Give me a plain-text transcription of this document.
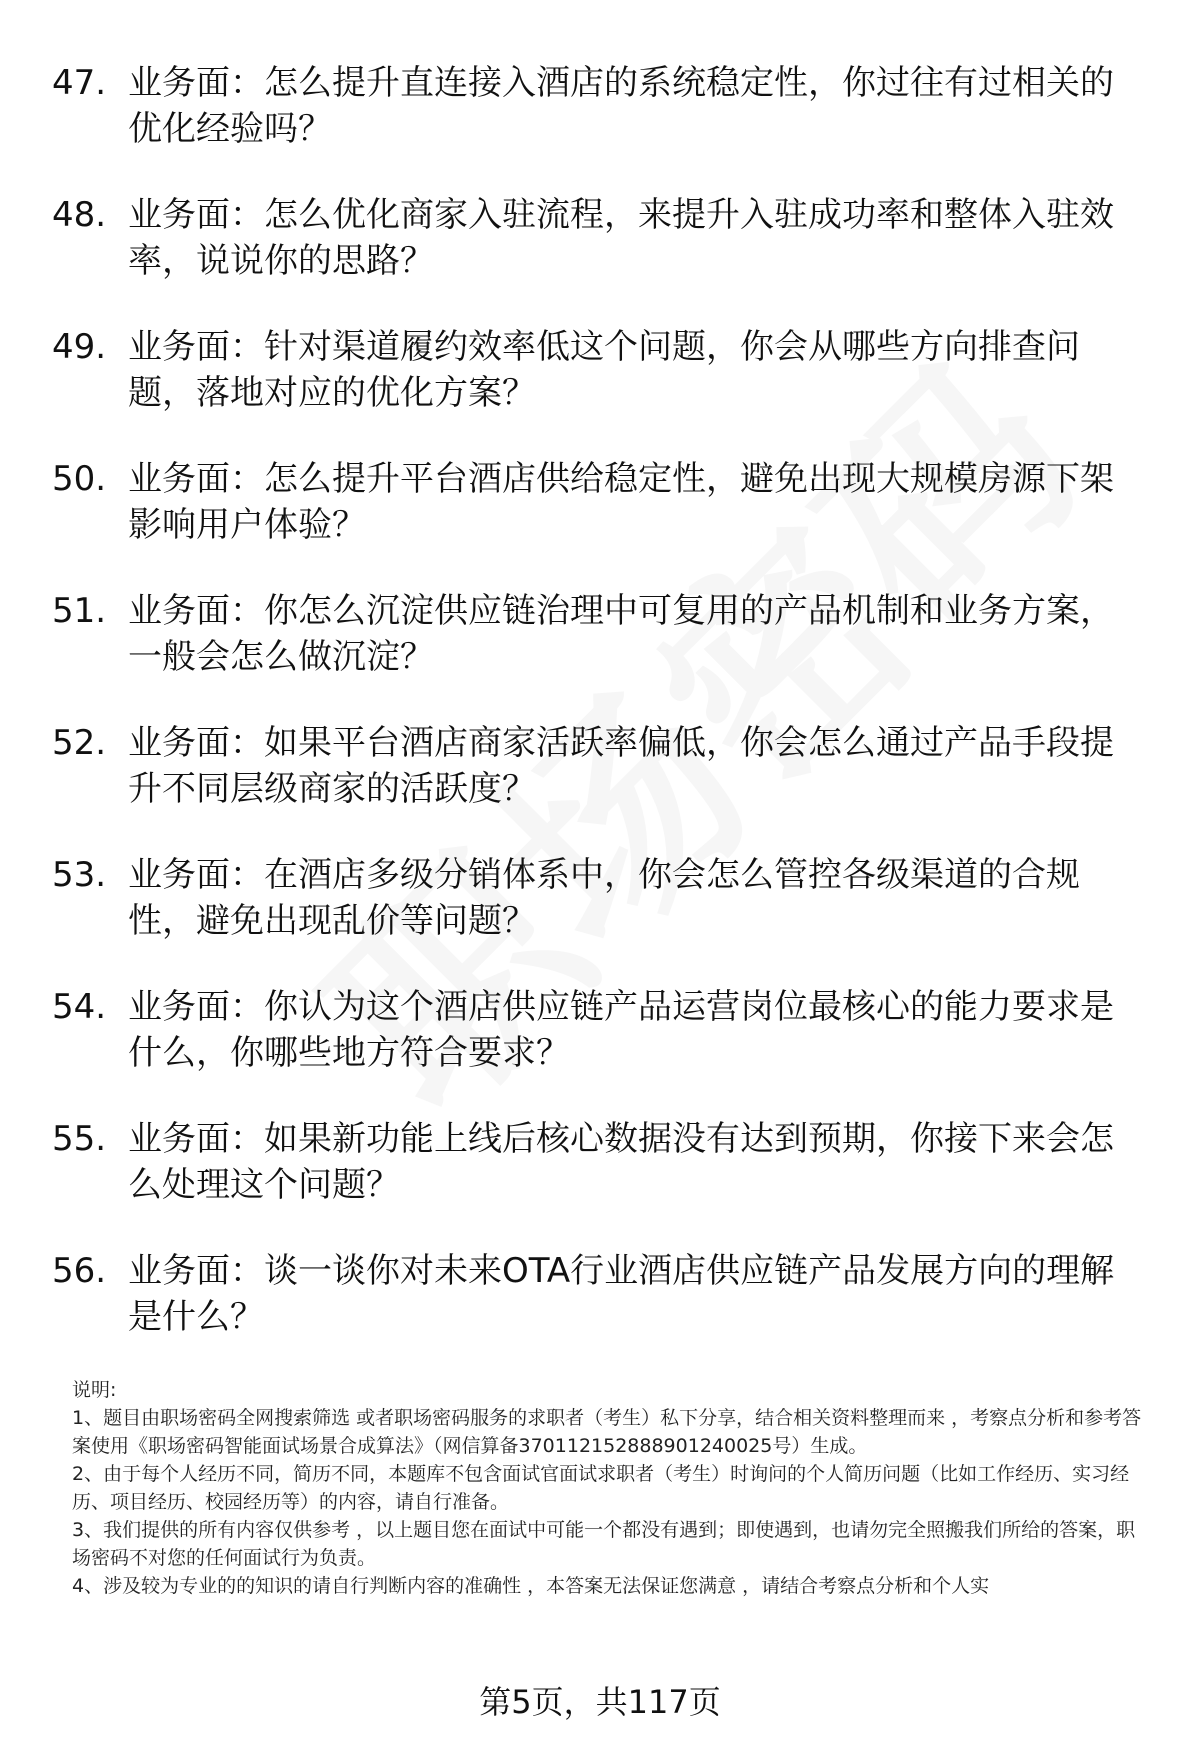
47. 业务面：怎么提升直连接入酒店的系统稳定性，你过往有过相关的优化经验吗？
48. 业务面：怎么优化商家入驻流程，来提升入驻成功率和整体入驻效率，说说你的思路？
49. 业务面：针对渠道履约效率低这个问题，你会从哪些方向排查问题，落地对应的优化方案？
50. 业务面：怎么提升平台酒店供给稳定性，避免出现大规模房源下架影响用户体验？
51. 业务面：你怎么沉淀供应链治理中可复用的产品机制和业务方案，一般会怎么做沉淀？
52. 业务面：如果平台酒店商家活跃率偏低，你会怎么通过产品手段提升不同层级商家的活跃度？
53. 业务面：在酒店多级分销体系中，你会怎么管控各级渠道的合规性，避免出现乱价等问题？
54. 业务面：你认为这个酒店供应链产品运营岗位最核心的能力要求是什么，你哪些地方符合要求？
55. 业务面：如果新功能上线后核心数据没有达到预期，你接下来会怎么处理这个问题？
56. 业务面：谈一谈你对未来OTA行业酒店供应链产品发展方向的理解是什么？

说明:

1、题目由职场密码全网搜索筛选 或者职场密码服务的求职者（考生）私下分享，结合相关资料整理而来 ，考察点分析和参考答案使用《职场密码智能面试场景合成算法》（网信算备370112152888901240025号）生成。

2、由于每个人经历不同，简历不同，本题库不包含面试官面试求职者（考生）时询问的个人简历问题（比如工作经历、实习经历、项目经历、校园经历等）的内容，请自行准备。

3、我们提供的所有内容仅供参考 ，以上题目您在面试中可能一个都没有遇到；即使遇到，也请勿完全照搬我们所给的答案，职场密码不对您的任何面试行为负责。

4、涉及较为专业的的知识的请自行判断内容的准确性 ，本答案无法保证您满意 ，请结合考察点分析和个人实

第5页，共117页
